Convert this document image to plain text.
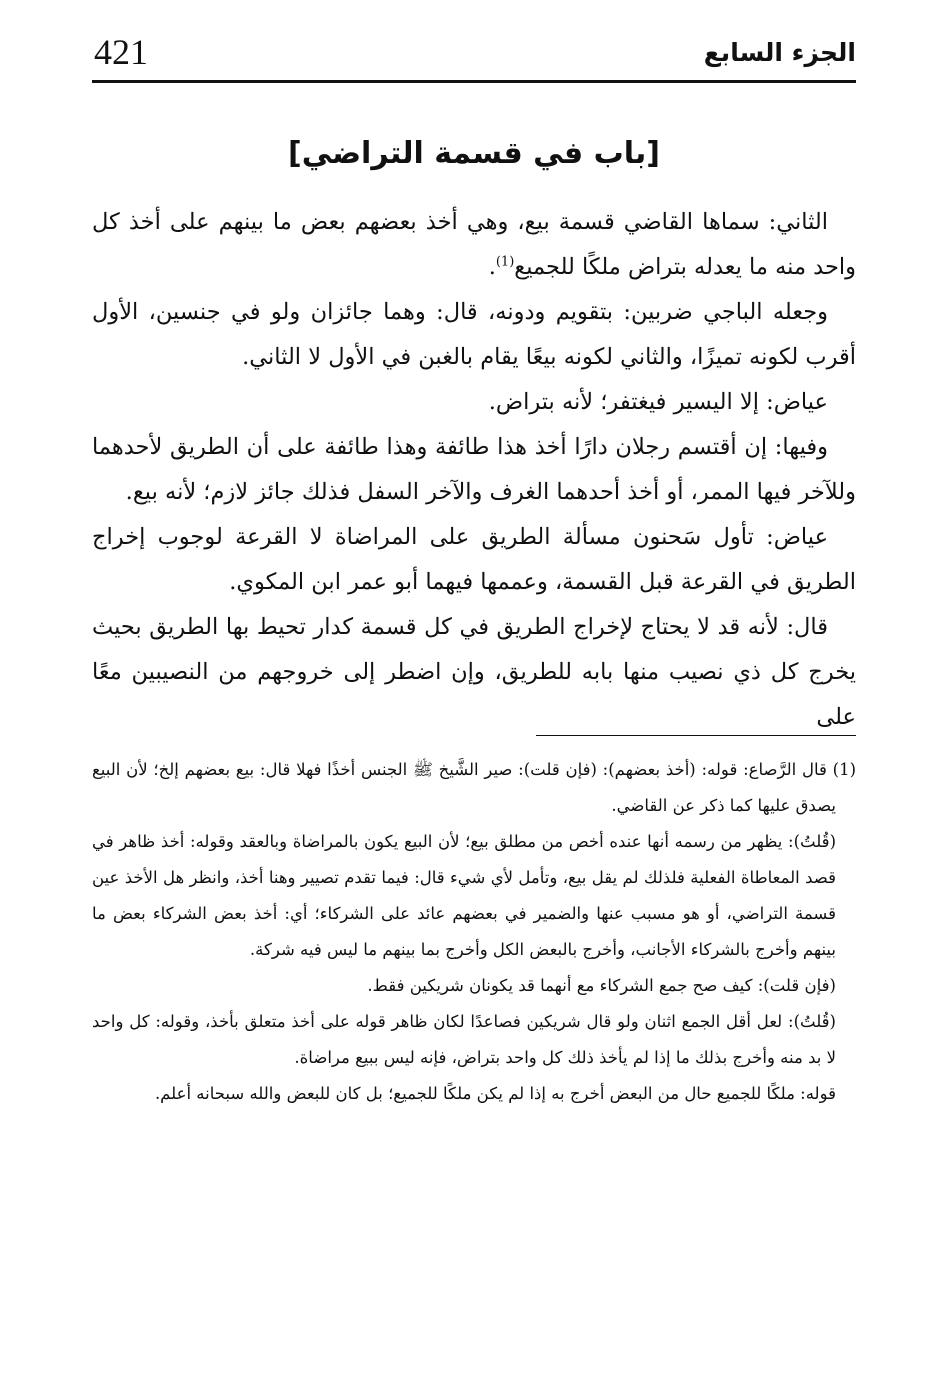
421	الجزء السابع
[باب في قسمة التراضي]

الثاني: سماها القاضي قسمة بيع، وهي أخذ بعضهم بعض ما بينهم على أخذ كل واحد منه ما يعدله بتراض ملكًا للجميع$^{(1)}$.

وجعله الباجي ضربين: بتقويم ودونه، قال: وهما جائزان ولو في جنسين، الأول أقرب لكونه تميزًا، والثاني لكونه بيعًا يقام بالغبن في الأول لا الثاني.

عياض: إلا اليسير فيغتفر؛ لأنه بتراض.

وفيها: إن أقتسم رجلان دارًا أخذ هذا طائفة وهذا طائفة على أن الطريق لأحدهما وللآخر فيها الممر، أو أخذ أحدهما الغرف والآخر السفل فذلك جائز لازم؛ لأنه بيع.

عياض: تأول سَحنون مسألة الطريق على المراضاة لا القرعة لوجوب إخراج الطريق في القرعة قبل القسمة، وعممها فيهما أبو عمر ابن المكوي.

قال: لأنه قد لا يحتاج لإخراج الطريق في كل قسمة كدار تحيط بها الطريق بحيث يخرج كل ذي نصيب منها بابه للطريق، وإن اضطر إلى خروجهم من النصيبين معًا على

(1) قال الرَّصاع: قوله: (أخذ بعضهم): (فإن قلت): صير الشَّيخ ﷺ الجنس أخذًا فهلا قال: بيع بعضهم إلخ؛ لأن البيع يصدق عليها كما ذكر عن القاضي.

(قُلتُ): يظهر من رسمه أنها عنده أخص من مطلق بيع؛ لأن البيع يكون بالمراضاة وبالعقد وقوله: أخذ ظاهر في قصد المعاطاة الفعلية فلذلك لم يقل بيع، وتأمل لأي شيء قال: فيما تقدم تصيير وهنا أخذ، وانظر هل الأخذ عين قسمة التراضي، أو هو مسبب عنها والضمير في بعضهم عائد على الشركاء؛ أي: أخذ بعض الشركاء بعض ما بينهم وأخرج بالشركاء الأجانب، وأخرج بالبعض الكل وأخرج بما بينهم ما ليس فيه شركة.

(فإن قلت): كيف صح جمع الشركاء مع أنهما قد يكونان شريكين فقط.

(قُلتُ): لعل أقل الجمع اثنان ولو قال شريكين فصاعدًا لكان ظاهر قوله على أخذ متعلق بأخذ، وقوله: كل واحد لا بد منه وأخرج بذلك ما إذا لم يأخذ ذلك كل واحد بتراض، فإنه ليس ببيع مراضاة.

قوله: ملكًا للجميع حال من البعض أخرج به إذا لم يكن ملكًا للجميع؛ بل كان للبعض والله سبحانه أعلم.
